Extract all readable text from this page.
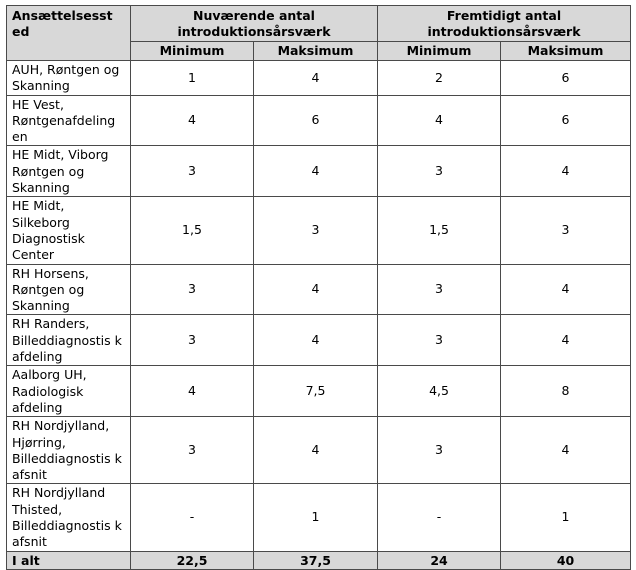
Ansættelsesst
ed	Nuværende antal introduktionsårsværk		Fremtidigt antal introduktionsårsværk	
	Minimum	Maksimum	Minimum	Maksimum
AUH, Røntgen og Skanning	1	4	2	6
HE Vest, Røntgenafdeling en	4	6	4	6
HE Midt, Viborg Røntgen og Skanning	3	4	3	4
HE Midt, Silkeborg Diagnostisk Center	1,5	3	1,5	3
RH Horsens, Røntgen og Skanning	3	4	3	4
RH Randers, Billeddiagnostis k afdeling	3	4	3	4
Aalborg UH, Radiologisk afdeling	4	7,5	4,5	8
RH Nordjylland, Hjørring, Billeddiagnostis k afsnit	3	4	3	4
RH Nordjylland Thisted, Billeddiagnostis k afsnit	-	1	-	1
I alt	22,5	37,5	24	40
